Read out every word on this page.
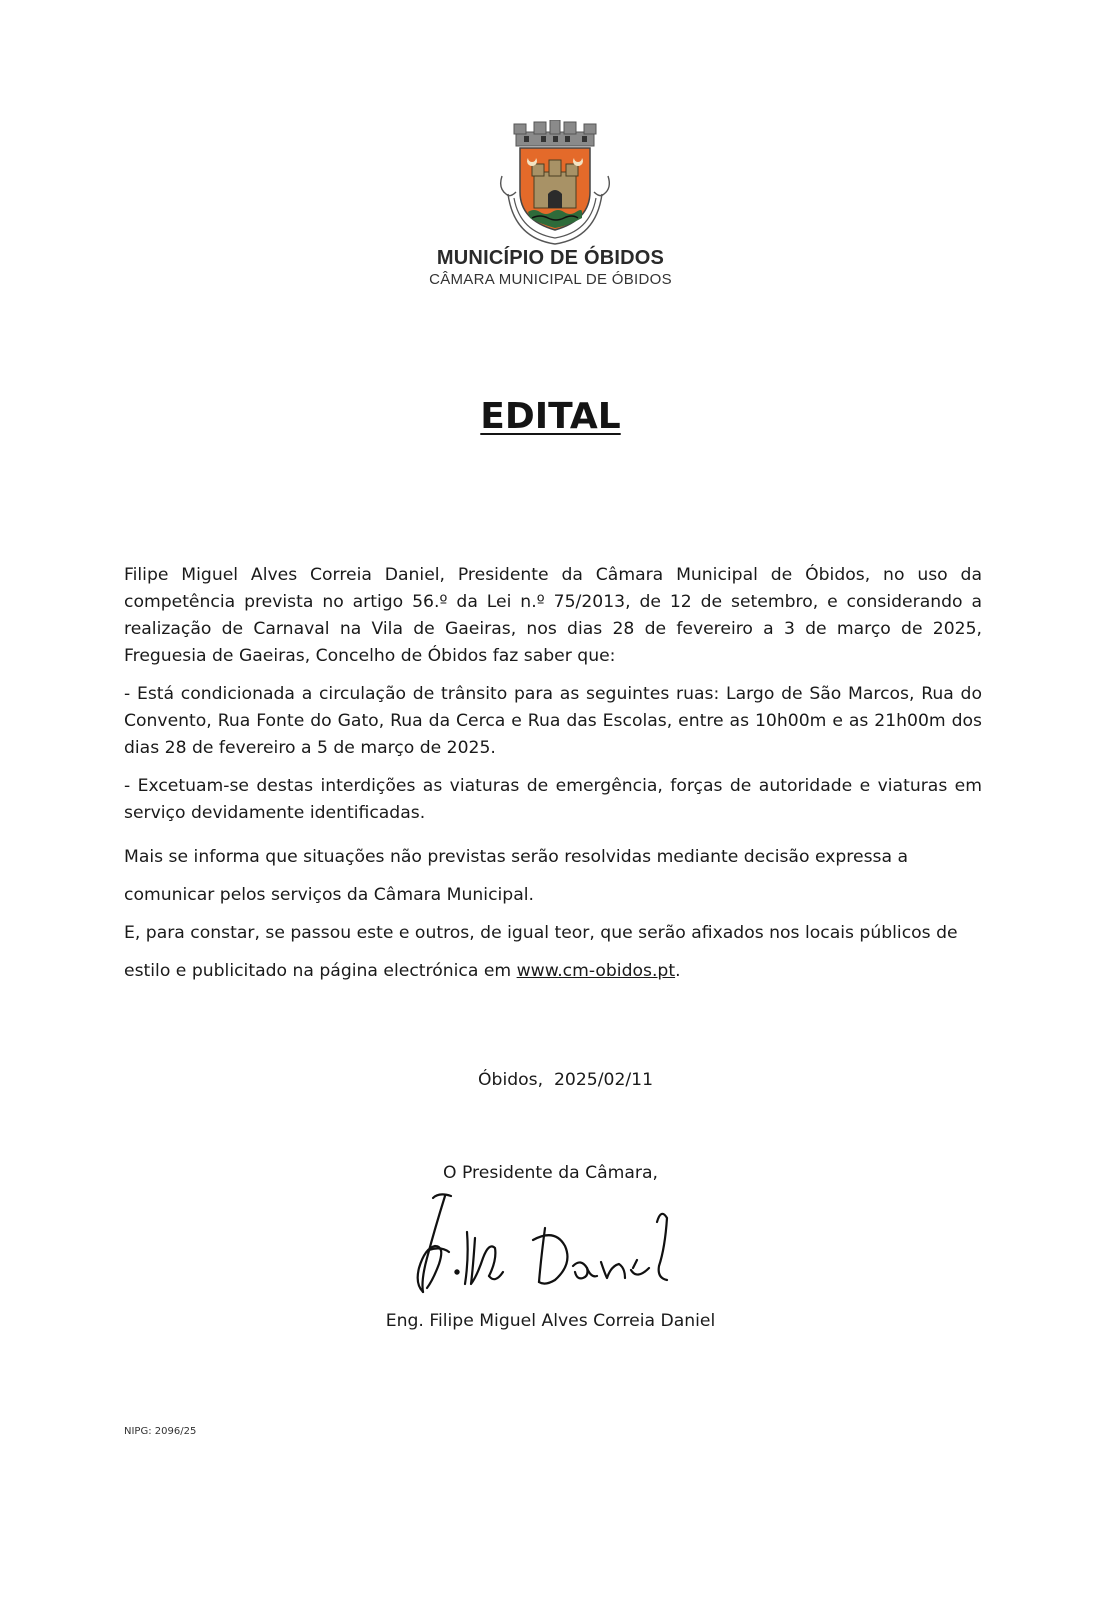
MUNICÍPIO DE ÓBIDOS
CÂMARA MUNICIPAL DE ÓBIDOS
EDITAL

Filipe Miguel Alves Correia Daniel, Presidente da Câmara Municipal de Óbidos, no uso da competência prevista no artigo 56.º da Lei n.º 75/2013, de 12 de setembro, e considerando a realização de Carnaval na Vila de Gaeiras, nos dias 28 de fevereiro a 3 de março de 2025, Freguesia de Gaeiras, Concelho de Óbidos faz saber que:

- Está condicionada a circulação de trânsito para as seguintes ruas: Largo de São Marcos, Rua do Convento, Rua Fonte do Gato, Rua da Cerca e Rua das Escolas, entre as 10h00m e as 21h00m dos dias 28 de fevereiro a 5 de março de 2025.

- Excetuam-se destas interdições as viaturas de emergência, forças de autoridade e viaturas em serviço devidamente identificadas.

Mais se informa que situações não previstas serão resolvidas mediante decisão expressa a comunicar pelos serviços da Câmara Municipal.

E, para constar, se passou este e outros, de igual teor, que serão afixados nos locais públicos de estilo e publicitado na página electrónica em www.cm-obidos.pt.

Óbidos,  2025/02/11
O Presidente da Câmara,
Eng. Filipe Miguel Alves Correia Daniel
NIPG: 2096/25
